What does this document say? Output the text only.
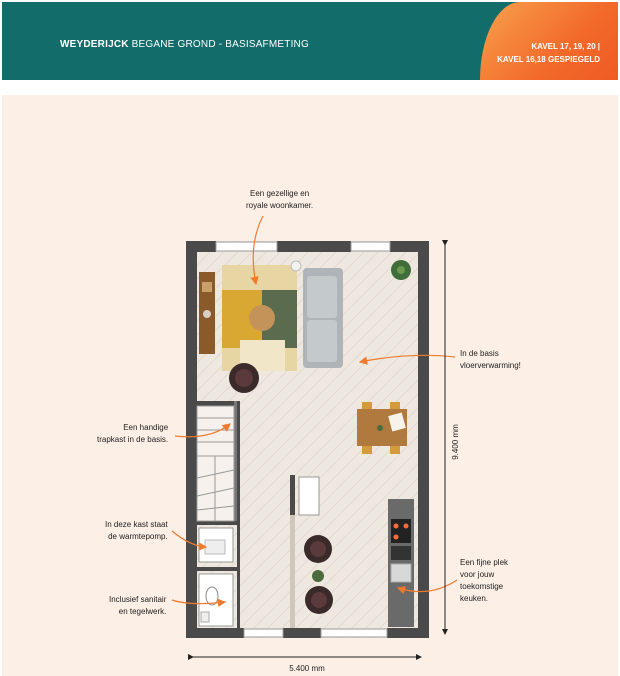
WEYDERIJCK BEGANE GROND - BASISAFMETING	KAVEL 17, 19, 20 |
KAVEL 16,18 GESPIEGELD
9.400 mm
5.400 mm
Een gezellige en
royale woonkamer.
In de basis
vloerverwarming!
Een handige
trapkast in de basis.
In deze kast staat
de warmtepomp.
Inclusief sanitair
en tegelwerk.
Een fijne plek
voor jouw
toekomstige
keuken.
